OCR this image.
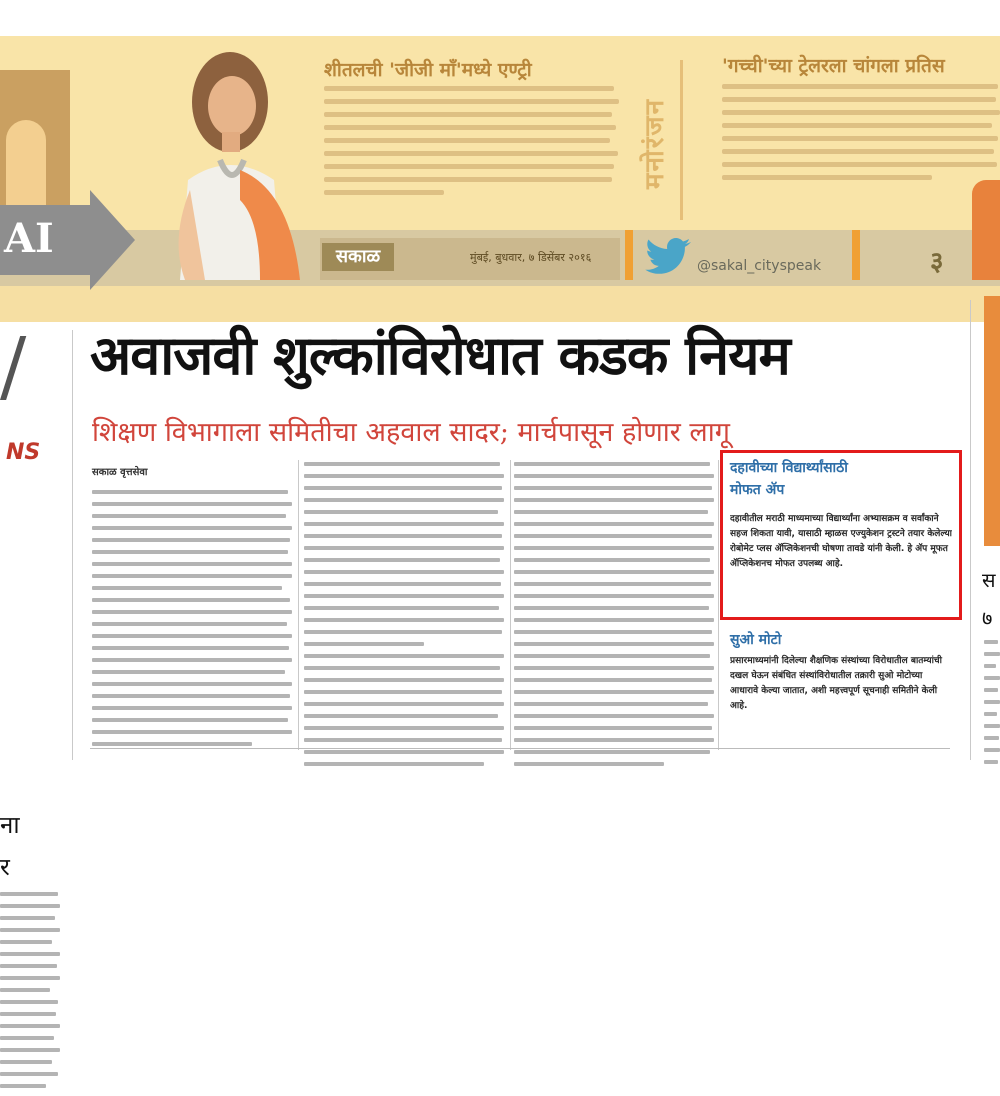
AI
शीतलची 'जीजी माँ'मध्ये एण्ट्री
मनोरंजन
'गच्ची'च्या ट्रेलरला चांगला प्रतिस
सकाळ	मुंबई, बुधवार, ७ डिसेंबर २०१६
@sakal_cityspeak	३
/
NS
ना
र
अवाजवी शुल्कांविरोधात कडक नियम
शिक्षण विभागाला समितीचा अहवाल सादर; मार्चपासून होणार लागू
सकाळ वृत्तसेवा	दहावीच्या विद्यार्थ्यांसाठी
मोफत ॲप
दहावीतील मराठी माध्यमाच्या विद्यार्थ्यांना अभ्यासक्रम व सर्वांकाने सहज शिकता यावी, यासाठी म्हाळस एज्युकेशन ट्रस्टने तयार केलेल्या रोबोमेट प्लस ॲप्लिकेशनची घोषणा तावडे यांनी केली. हे ॲप मूफत ॲप्लिकेशनच मोफत उपलब्ध आहे.
सुओ मोटो
प्रसारमाध्यमांनी दिलेल्या शैक्षणिक संस्थांच्या विरोधातील बातम्यांची दखल घेऊन संबंधित संस्थांविरोधातील तक्रारी सुओ मोटोच्या आधारावे केल्या जातात, अशी महत्त्वपूर्ण सूचनाही समितीने केली आहे.
स
७
